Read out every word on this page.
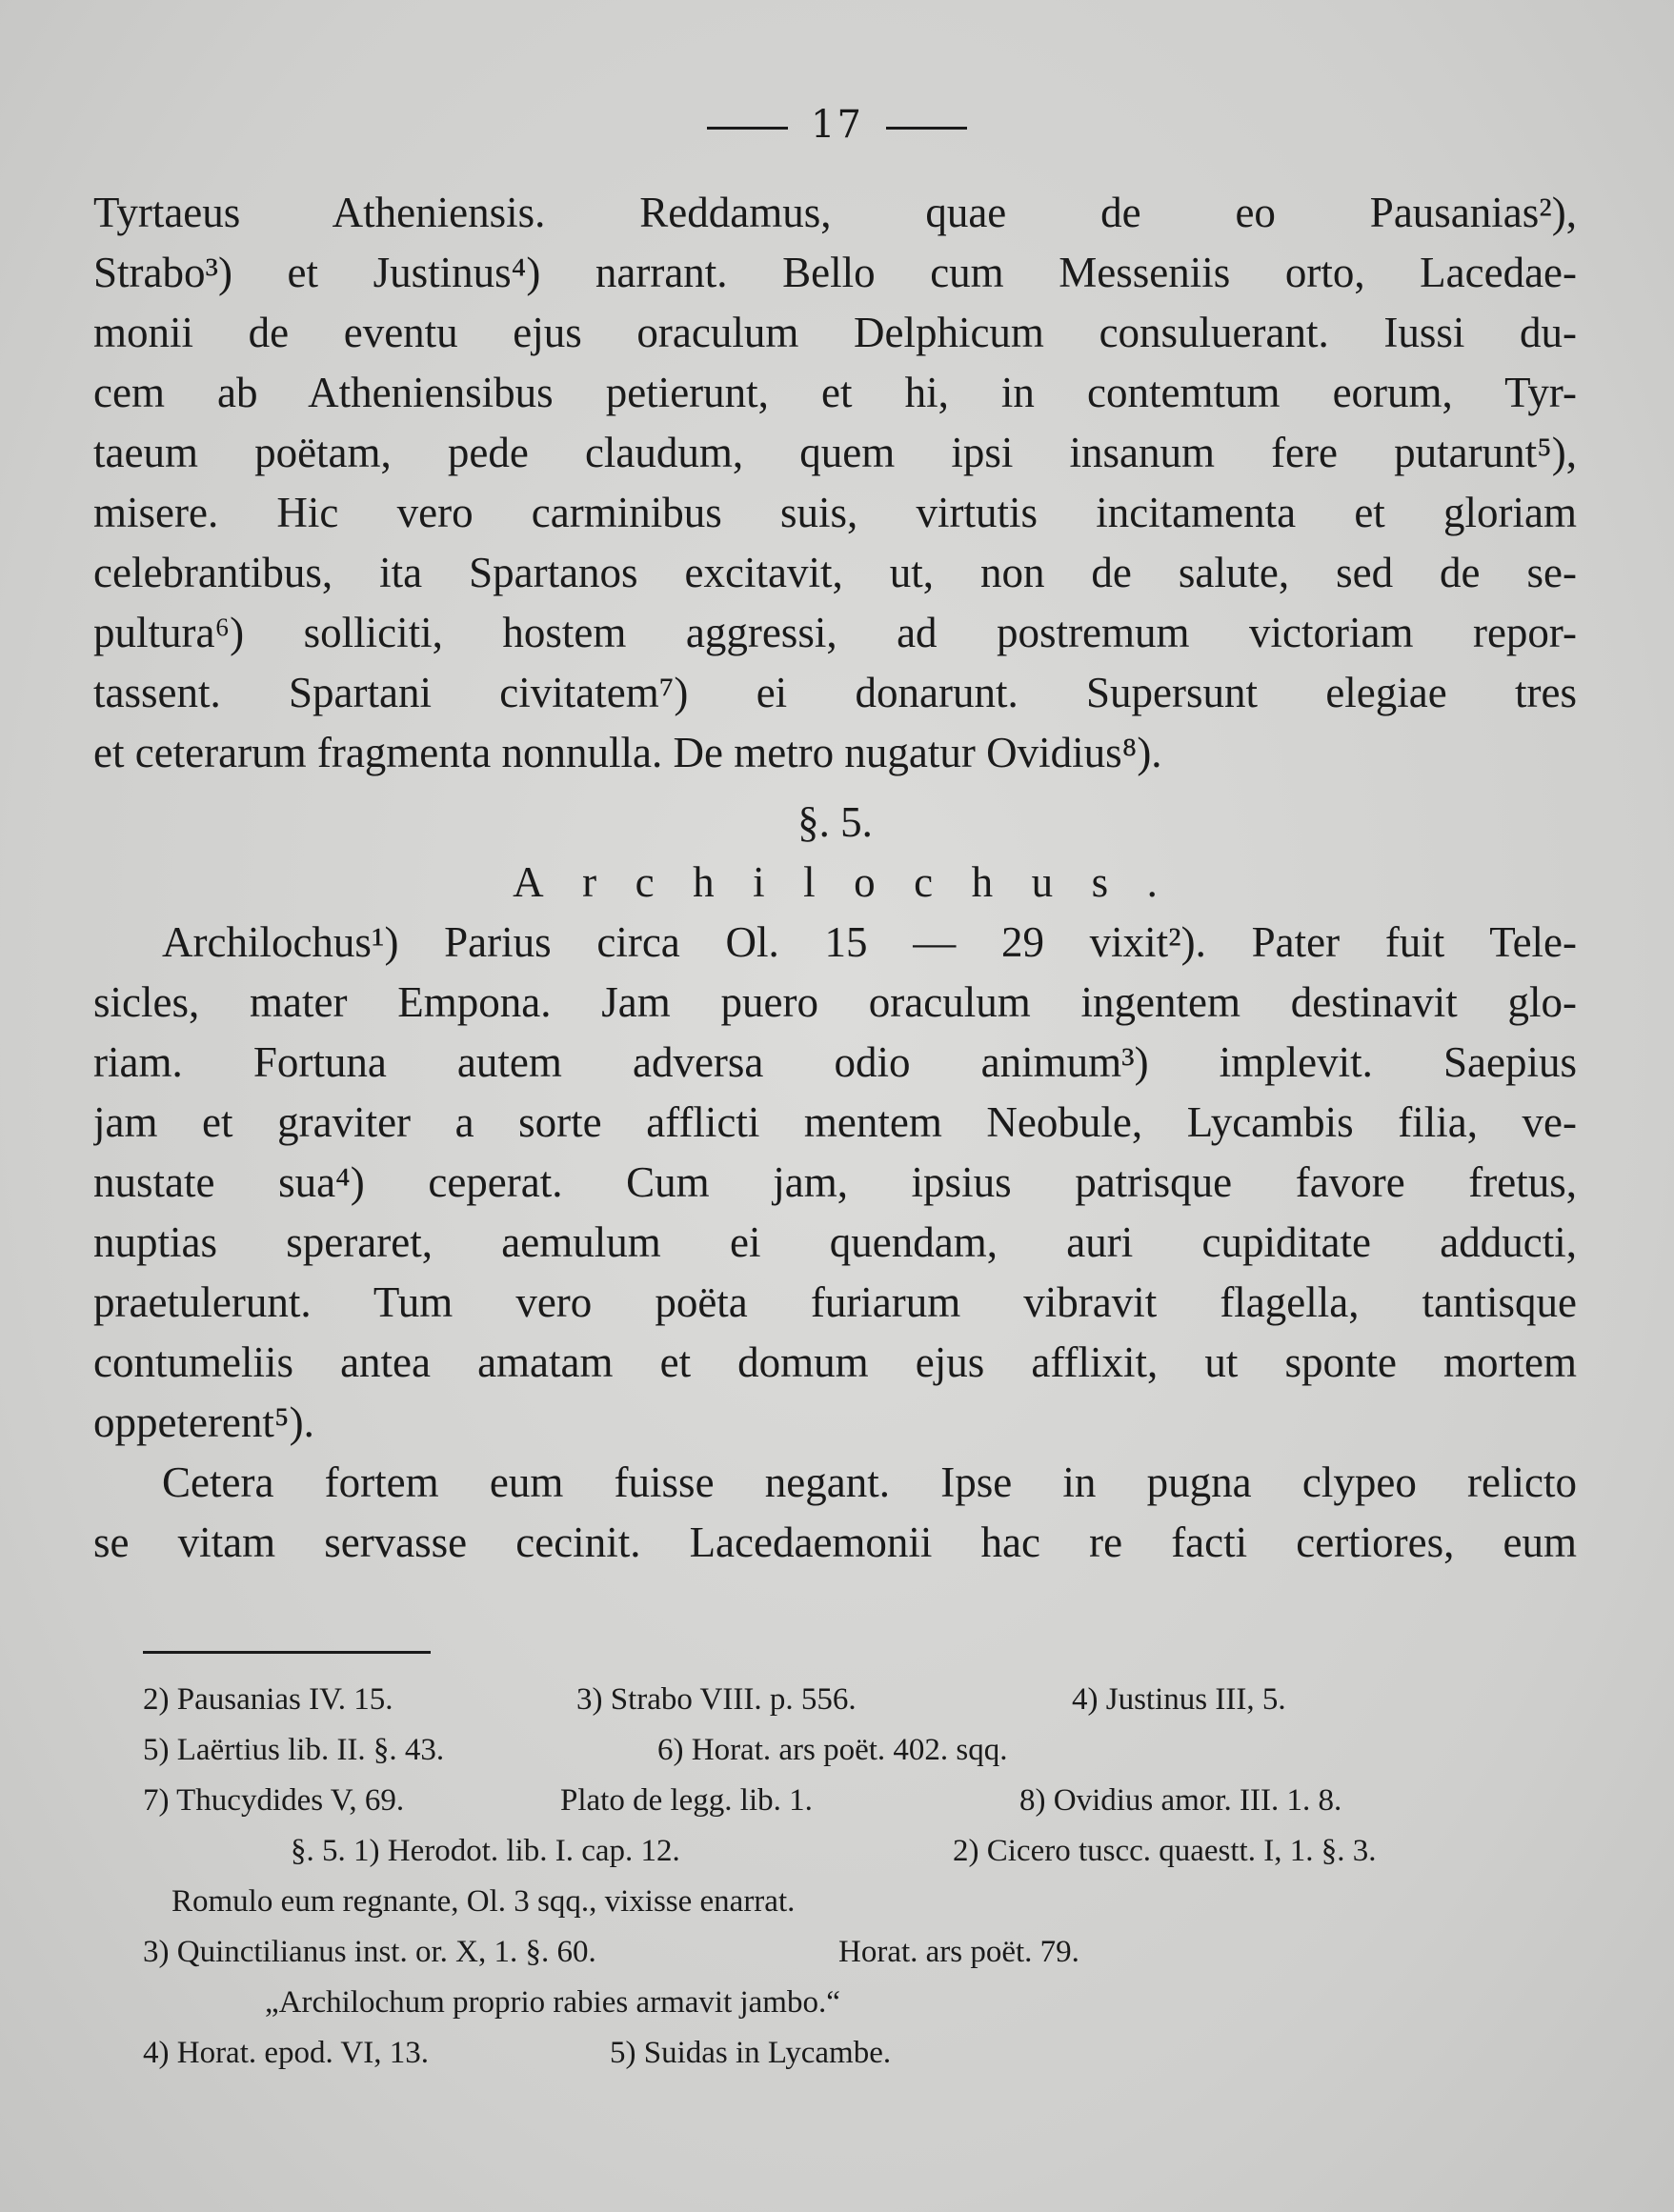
17
Tyrtaeus Atheniensis. Reddamus, quae de eo Pausanias²),
Strabo³) et Justinus⁴) narrant. Bello cum Messeniis orto, Lacedae-
monii de eventu ejus oraculum Delphicum consuluerant. Iussi du-
cem ab Atheniensibus petierunt, et hi, in contemtum eorum, Tyr-
taeum poëtam, pede claudum, quem ipsi insanum fere putarunt⁵),
misere. Hic vero carminibus suis, virtutis incitamenta et gloriam
celebrantibus, ita Spartanos excitavit, ut, non de salute, sed de se-
pultura⁶) solliciti, hostem aggressi, ad postremum victoriam repor-
tassent. Spartani civitatem⁷) ei donarunt. Supersunt elegiae tres
et ceterarum fragmenta nonnulla. De metro nugatur Ovidius⁸).
§. 5.
Archilochus.
Archilochus¹) Parius circa Ol. 15 — 29 vixit²). Pater fuit Tele-
sicles, mater Empona. Jam puero oraculum ingentem destinavit glo-
riam. Fortuna autem adversa odio animum³) implevit. Saepius
jam et graviter a sorte afflicti mentem Neobule, Lycambis filia, ve-
nustate sua⁴) ceperat. Cum jam, ipsius patrisque favore fretus,
nuptias speraret, aemulum ei quendam, auri cupiditate adducti,
praetulerunt. Tum vero poëta furiarum vibravit flagella, tantisque
contumeliis antea amatam et domum ejus afflixit, ut sponte mortem
oppeterent⁵).
Cetera fortem eum fuisse negant. Ipse in pugna clypeo relicto
se vitam servasse cecinit. Lacedaemonii hac re facti certiores, eum
2) Pausanias IV. 15.	3) Strabo VIII. p. 556.	4) Justinus III, 5.
5) Laërtius lib. II. §. 43.	6) Horat. ars poët. 402. sqq.
7) Thucydides V, 69.	Plato de legg. lib. 1.	8) Ovidius amor. III. 1. 8.
§. 5. 1) Herodot. lib. I. cap. 12.	2) Cicero tuscc. quaestt. I, 1. §. 3.
Romulo eum regnante, Ol. 3 sqq., vixisse enarrat.
3) Quinctilianus inst. or. X, 1. §. 60.	Horat. ars poët. 79.
„Archilochum proprio rabies armavit jambo.“
4) Horat. epod. VI, 13.	5) Suidas in Lycambe.
